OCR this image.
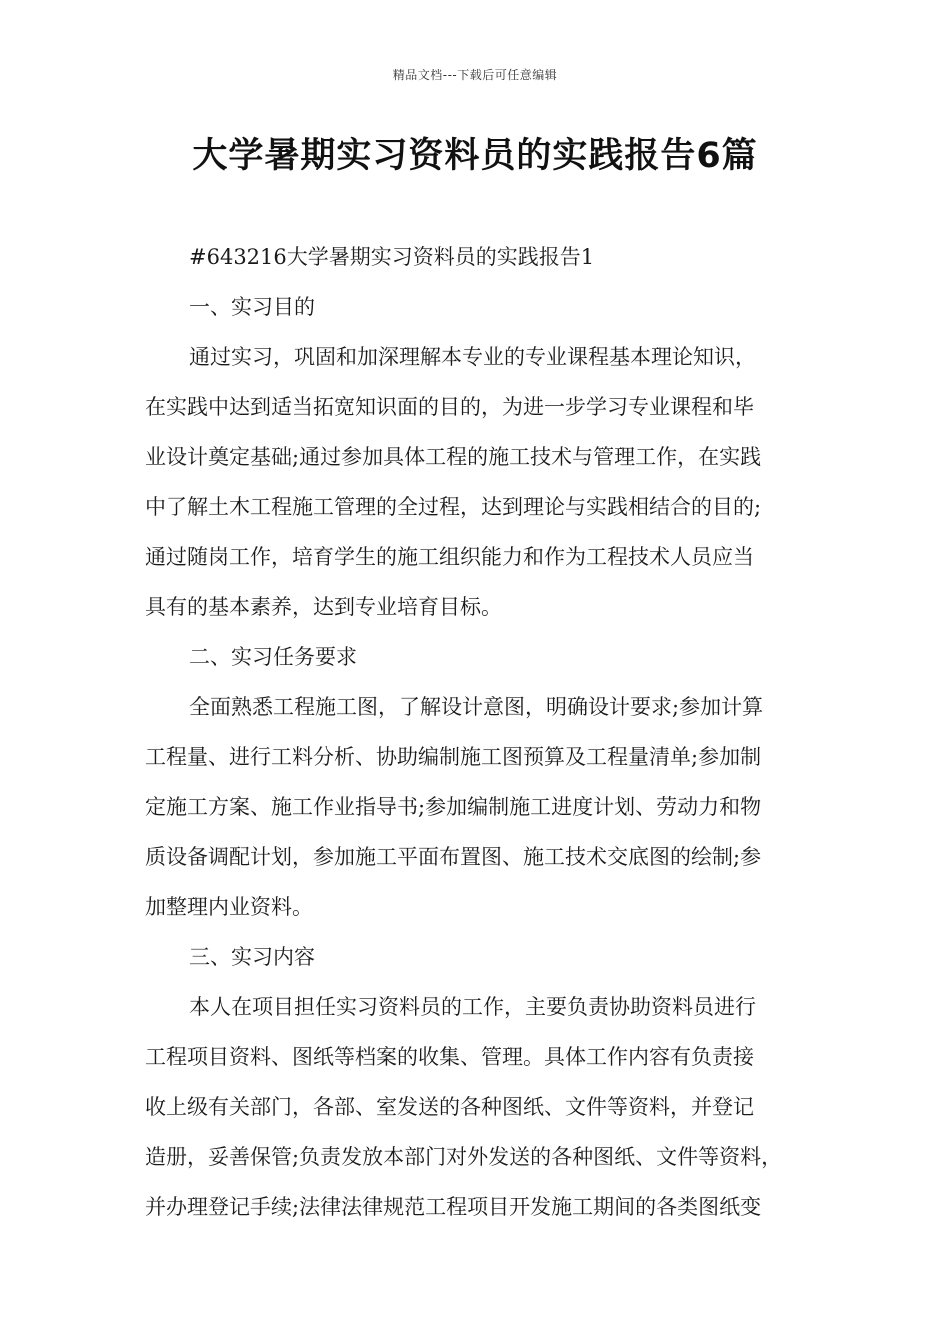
精品文档---下载后可任意编辑
大学暑期实习资料员的实践报告6篇
#643216大学暑期实习资料员的实践报告1
一、实习目的
通过实习，巩固和加深理解本专业的专业课程基本理论知识，
在实践中达到适当拓宽知识面的目的，为进一步学习专业课程和毕
业设计奠定基础;通过参加具体工程的施工技术与管理工作，在实践
中了解土木工程施工管理的全过程，达到理论与实践相结合的目的;
通过随岗工作，培育学生的施工组织能力和作为工程技术人员应当
具有的基本素养，达到专业培育目标。
二、实习任务要求
全面熟悉工程施工图，了解设计意图，明确设计要求;参加计算
工程量、进行工料分析、协助编制施工图预算及工程量清单;参加制
定施工方案、施工作业指导书;参加编制施工进度计划、劳动力和物
质设备调配计划，参加施工平面布置图、施工技术交底图的绘制;参
加整理内业资料。
三、实习内容
本人在项目担任实习资料员的工作，主要负责协助资料员进行
工程项目资料、图纸等档案的收集、管理。具体工作内容有负责接
收上级有关部门，各部、室发送的各种图纸、文件等资料，并登记
造册，妥善保管;负责发放本部门对外发送的各种图纸、文件等资料，
并办理登记手续;法律法律规范工程项目开发施工期间的各类图纸变
